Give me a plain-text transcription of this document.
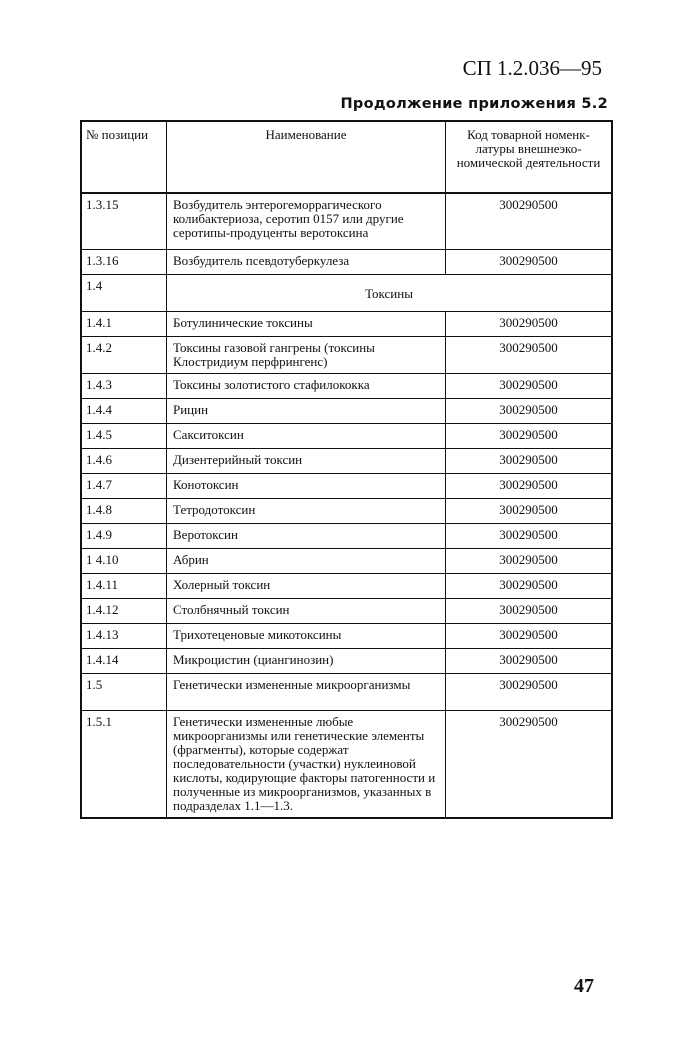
СП 1.2.036—95
Продолжение приложения 5.2
№ позиции	Наименование	Код товарной номенк-латуры внешнеэко-номической деятельности
1.3.15	Возбудитель энтерогеморрагического колибактериоза, серотип 0157 или другие серотипы-продуценты веротоксина	300290500
1.3.16	Возбудитель псевдотуберкулеза	300290500
1.4	Токсины	
1.4.1	Ботулинические токсины	300290500
1.4.2	Токсины газовой гангрены (токсины Клостридиум перфрингенс)	300290500
1.4.3	Токсины золотистого стафилококка	300290500
1.4.4	Рицин	300290500
1.4.5	Сакситоксин	300290500
1.4.6	Дизентерийный токсин	300290500
1.4.7	Конотоксин	300290500
1.4.8	Тетродотоксин	300290500
1.4.9	Веротоксин	300290500
1 4.10	Абрин	300290500
1.4.11	Холерный токсин	300290500
1.4.12	Столбнячный токсин	300290500
1.4.13	Трихотеценовые микотоксины	300290500
1.4.14	Микроцистин (циангинозин)	300290500
1.5	Генетически измененные микроорганизмы	300290500
1.5.1	Генетически измененные любые микроорганизмы или генетические элементы (фрагменты), которые содержат последовательности (участки) нуклеиновой кислоты, кодирующие факторы патогенности и полученные из микроорганизмов, указанных в подразделах 1.1—1.3.	300290500
47
